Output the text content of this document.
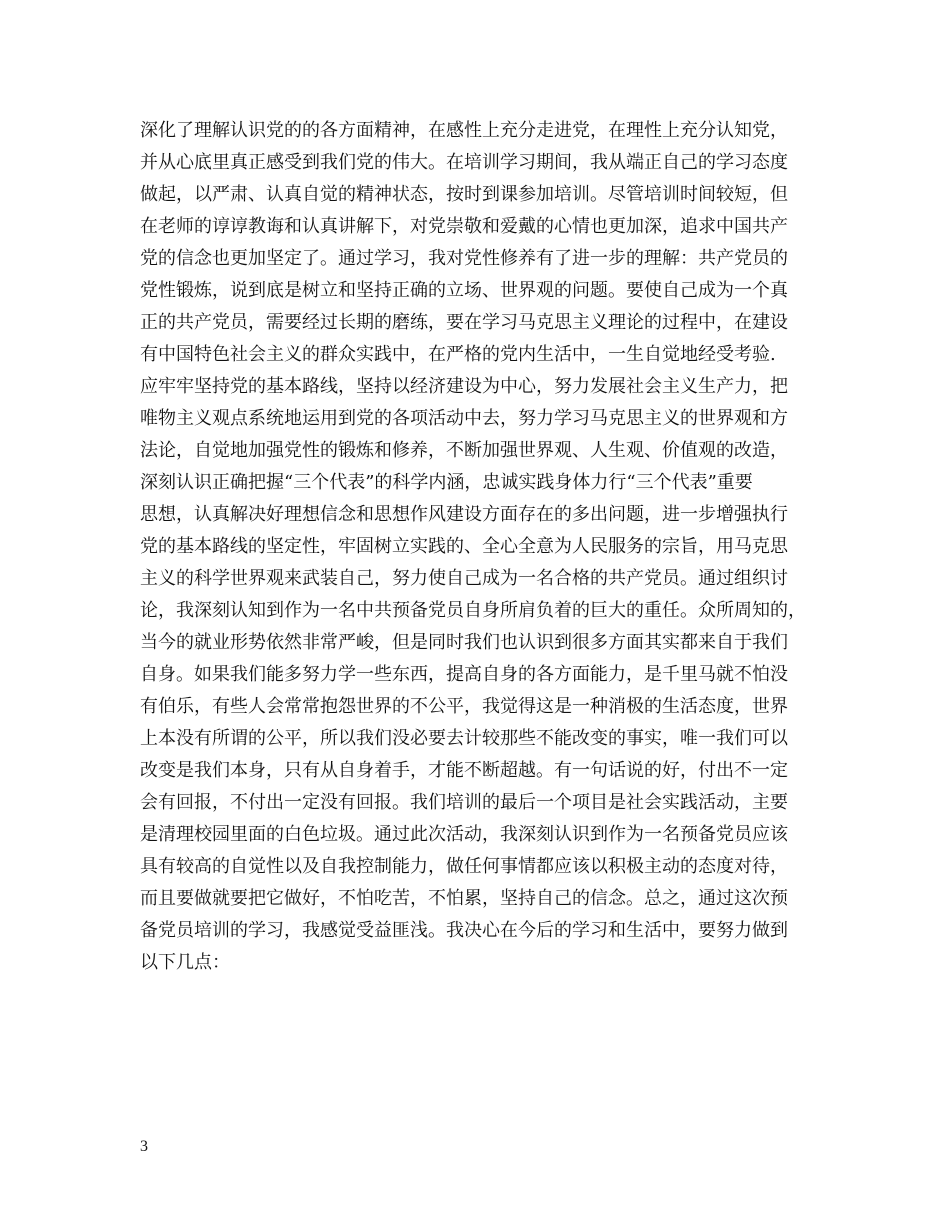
深化了理解认识党的的各方面精神，在感性上充分走进党，在理性上充分认知党，
并从心底里真正感受到我们党的伟大。在培训学习期间，我从端正自己的学习态度
做起，以严肃、认真自觉的精神状态，按时到课参加培训。尽管培训时间较短，但
在老师的谆谆教诲和认真讲解下，对党崇敬和爱戴的心情也更加深，追求中国共产
党的信念也更加坚定了。通过学习，我对党性修养有了进一步的理解：共产党员的
党性锻炼，说到底是树立和坚持正确的立场、世界观的问题。要使自己成为一个真
正的共产党员，需要经过长期的磨练，要在学习马克思主义理论的过程中，在建设
有中国特色社会主义的群众实践中，在严格的党内生活中，一生自觉地经受考验.
应牢牢坚持党的基本路线，坚持以经济建设为中心，努力发展社会主义生产力，把
唯物主义观点系统地运用到党的各项活动中去，努力学习马克思主义的世界观和方
法论，自觉地加强党性的锻炼和修养，不断加强世界观、人生观、价值观的改造，
深刻认识正确把握“三个代表”的科学内涵，忠诚实践身体力行“三个代表”重要
思想，认真解决好理想信念和思想作风建设方面存在的多出问题，进一步增强执行
党的基本路线的坚定性，牢固树立实践的、全心全意为人民服务的宗旨，用马克思
主义的科学世界观来武装自己，努力使自己成为一名合格的共产党员。通过组织讨
论，我深刻认知到作为一名中共预备党员自身所肩负着的巨大的重任。众所周知的，
当今的就业形势依然非常严峻，但是同时我们也认识到很多方面其实都来自于我们
自身。如果我们能多努力学一些东西，提高自身的各方面能力，是千里马就不怕没
有伯乐，有些人会常常抱怨世界的不公平，我觉得这是一种消极的生活态度，世界
上本没有所谓的公平，所以我们没必要去计较那些不能改变的事实，唯一我们可以
改变是我们本身，只有从自身着手，才能不断超越。有一句话说的好，付出不一定
会有回报，不付出一定没有回报。我们培训的最后一个项目是社会实践活动，主要
是清理校园里面的白色垃圾。通过此次活动，我深刻认识到作为一名预备党员应该
具有较高的自觉性以及自我控制能力，做任何事情都应该以积极主动的态度对待，
而且要做就要把它做好，不怕吃苦，不怕累，坚持自己的信念。总之，通过这次预
备党员培训的学习，我感觉受益匪浅。我决心在今后的学习和生活中，要努力做到
以下几点：
3
